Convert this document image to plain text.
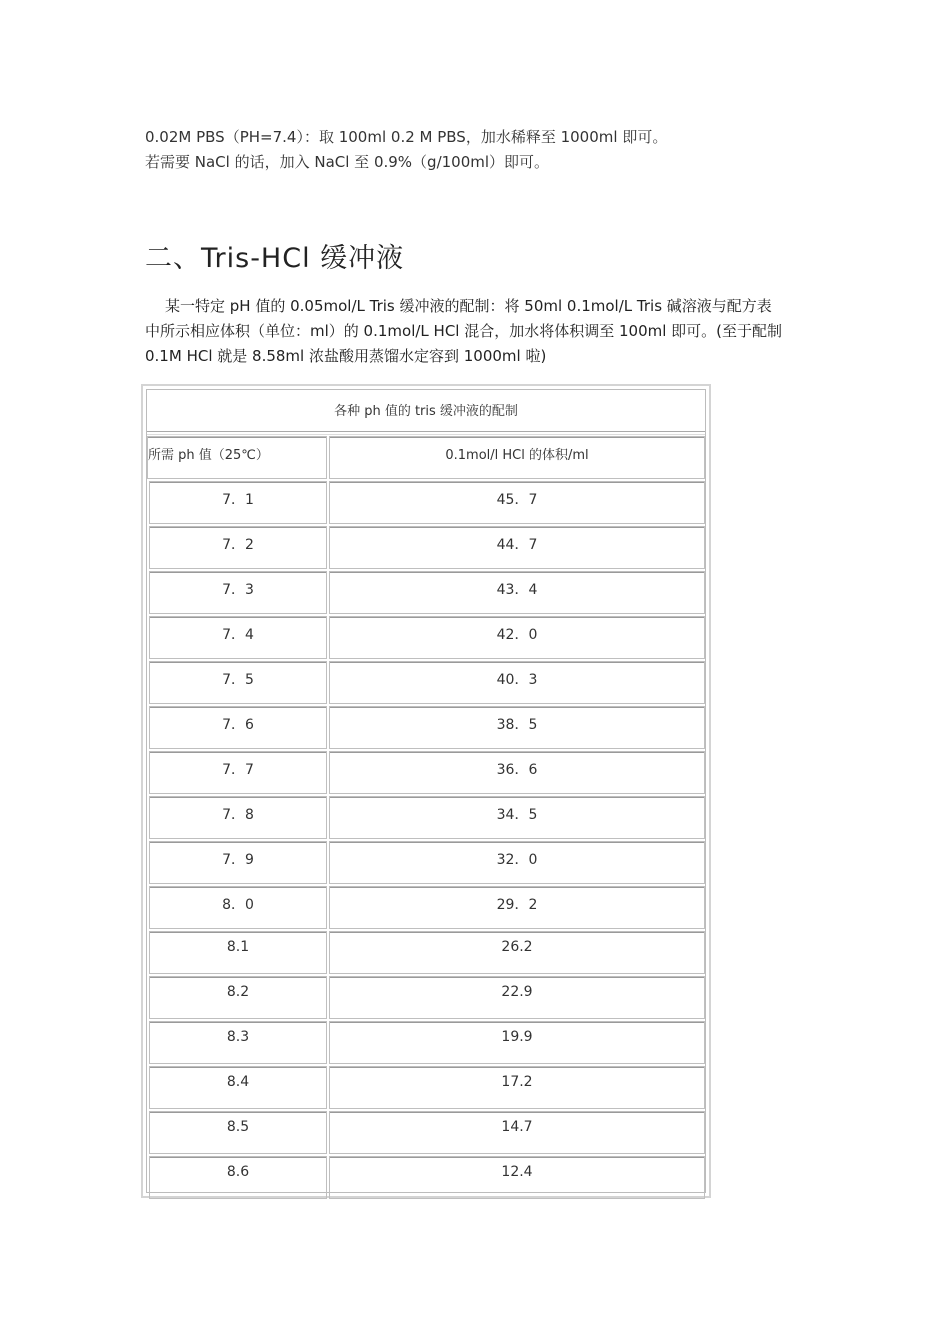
0.02M PBS（PH=7.4）：取 100ml 0.2 M PBS，加水稀释至 1000ml 即可。
若需要 NaCl 的话，加入 NaCl 至 0.9%（g/100ml）即可。
二、Tris-HCl 缓冲液

某一特定 pH 值的 0.05mol/L Tris 缓冲液的配制：将 50ml 0.1mol/L Tris 碱溶液与配方表

中所示相应体积（单位：ml）的 0.1mol/L HCl 混合，加水将体积调至 100ml 即可。(至于配制

0.1M HCl 就是 8.58ml 浓盐酸用蒸馏水定容到 1000ml 啦)

各种 ph 值的 tris 缓冲液的配制
所需 ph 值（25℃）	0.1mol/l HCl 的体积/ml
7．1	45．7
7．2	44．7
7．3	43．4
7．4	42．0
7．5	40．3
7．6	38．5
7．7	36．6
7．8	34．5
7．9	32．0
8．0	29．2
8.1	26.2
8.2	22.9
8.3	19.9
8.4	17.2
8.5	14.7
8.6	12.4
